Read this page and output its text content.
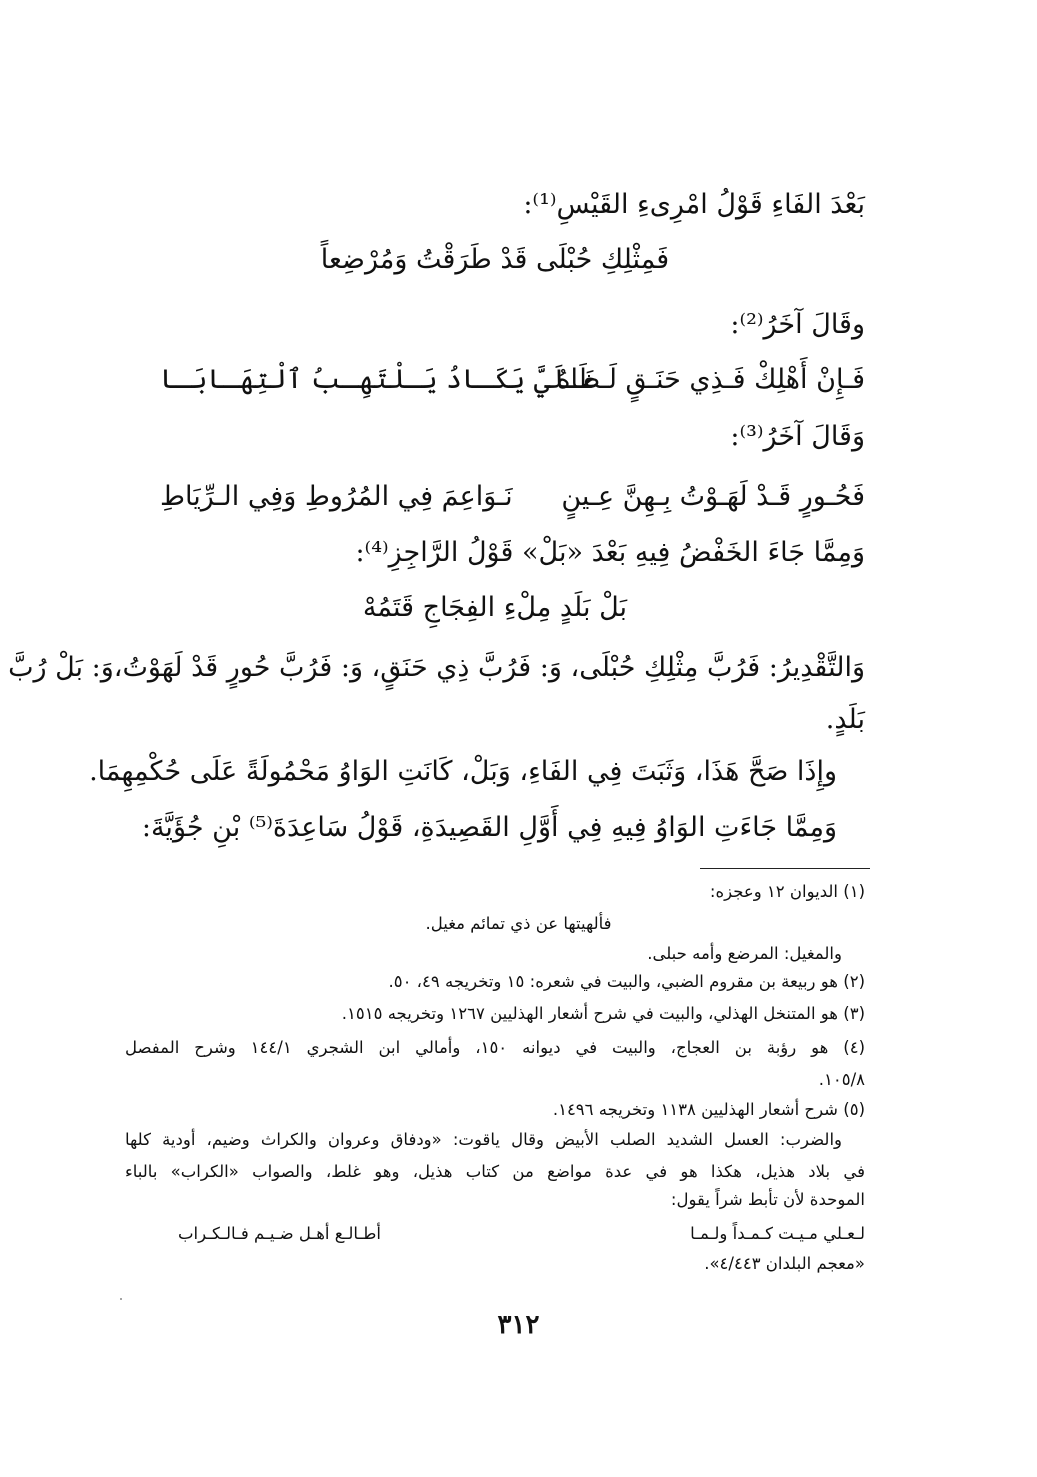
بَعْدَ الفَاءِ قَوْلُ امْرِىءِ القَيْسِ⁽¹⁾:
فَمِثْلِكِ حُبْلَى قَدْ طَرَقْتُ وَمُرْضِعاً
وقَالَ آخَرُ⁽²⁾:
فَـإِنْ أَهْلِكْ فَـذِي حَنَـقٍ لَـظَاهُ
عَـلَيَّ يَكَـادُ يَـلْتَهِـبُ ٱلْتِهَـابَـا
وَقَالَ آخَرُ⁽³⁾:
فَحُـورٍ قَـدْ لَهَـوْتُ بِـهِنَّ عِـينٍ
نَـوَاعِمَ فِي المُرُوطِ وَفِي الـرِّيَاطِ
وَمِمَّا جَاءَ الخَفْضُ فِيهِ بَعْدَ «بَلْ» قَوْلُ الرَّاجِزِ⁽⁴⁾:
بَلْ بَلَدٍ مِلْءِ الفِجَاجِ قَتَمُهْ
وَالتَّقْدِيرُ: فَرُبَّ مِثْلِكِ حُبْلَى، وَ: فَرُبَّ ذِي حَنَقٍ، وَ: فَرُبَّ حُورٍ قَدْ لَهَوْتُ،وَ: بَلْ رُبَّ
بَلَدٍ.
وإِذَا صَحَّ هَذَا، وَثَبَتَ فِي الفَاءِ، وَبَلْ، كَانَتِ الوَاوُ مَحْمُولَةً عَلَى حُكْمِهِمَا.
وَمِمَّا جَاءَتِ الوَاوُ فِيهِ فِي أَوَّلِ القَصِيدَةِ، قَوْلُ سَاعِدَةَ⁽⁵⁾ بْنِ جُؤَيَّةَ:
(١) الديوان ١٢ وعجزه:
فألهيتها عن ذي تمائم مغيل.
والمغيل: المرضع وأمه حبلى.
(٢) هو ربيعة بن مقروم الضبي، والبيت في شعره: ١٥ وتخريجه ٤٩، ٥٠.
(٣) هو المتنخل الهذلي، والبيت في شرح أشعار الهذليين ١٢٦٧ وتخريجه ١٥١٥.
(٤) هو رؤبة بن العجاج، والبيت في ديوانه ١٥٠، وأمالي ابن الشجري ١٤٤/١ وشرح المفصل
١٠٥/٨.
(٥) شرح أشعار الهذليين ١١٣٨ وتخريجه ١٤٩٦.
والضرب: العسل الشديد الصلب الأبيض وقال ياقوت: «ودفاق وعروان والكراث وضيم، أودية كلها
في بلاد هذيل، هكذا هو في عدة مواضع من كتاب هذيل، وهو غلط، والصواب «الكراب» بالباء
الموحدة لأن تأبط شراً يقول:
لـعـلي مـيـت كـمـداً ولـمـا
أطـالـع أهـل ضـيـم فـالـكـراب
«معجم البلدان ٤/٤٤٣».
٣١٢
